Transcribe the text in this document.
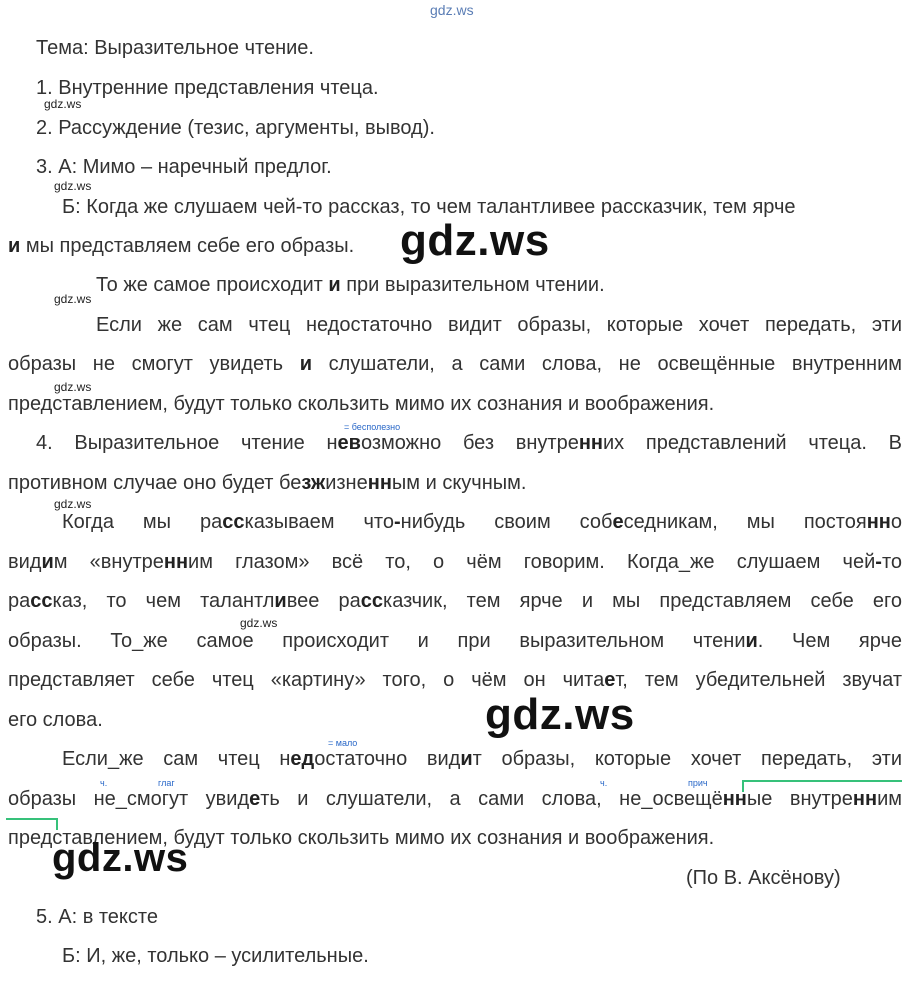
gdz.ws
Тема: Выразительное чтение.
1. Внутренние представления чтеца.
2. Рассуждение (тезис, аргументы, вывод).
3. А: Мимо – наречный предлог.
Б: Когда же слушаем чей-то рассказ, то чем талантливее рассказчик, тем ярче
и мы представляем себе его образы.
То же самое происходит и при выразительном чтении.
Если же сам чтец недостаточно видит образы, которые хочет передать, эти
образы не смогут увидеть и слушатели, а сами слова, не освещённые внутренним
представлением, будут только скользить мимо их сознания и воображения.
= бесполезно
4. Выразительное чтение невозможно без внутренних представлений чтеца. В
противном случае оно будет безжизненным и скучным.
Когда мы рассказываем что-нибудь своим собеседникам, мы постоянно
видим «внутренним глазом» всё то, о чём говорим. Когда_же слушаем чей-то
рассказ, то чем талантливее рассказчик, тем ярче и мы представляем себе его
образы. То_же самое происходит и при выразительном чтении. Чем ярче
представляет себе чтец «картину» того, о чём он читает, тем убедительней звучат
его слова.
= мало
Если_же сам чтец недостаточно видит образы, которые хочет передать, эти
ч.	глаг	ч.	прич
образы не_смогут увидеть и слушатели, а сами слова, не_освещённые внутренним
представлением, будут только скользить мимо их сознания и воображения.
(По В. Аксёнову)
5. А: в тексте
Б: И, же, только – усилительные.
gdz.ws
gdz.ws
gdz.ws
gdz.ws
gdz.ws
gdz.ws
gdz.ws
gdz.ws
gdz.ws
